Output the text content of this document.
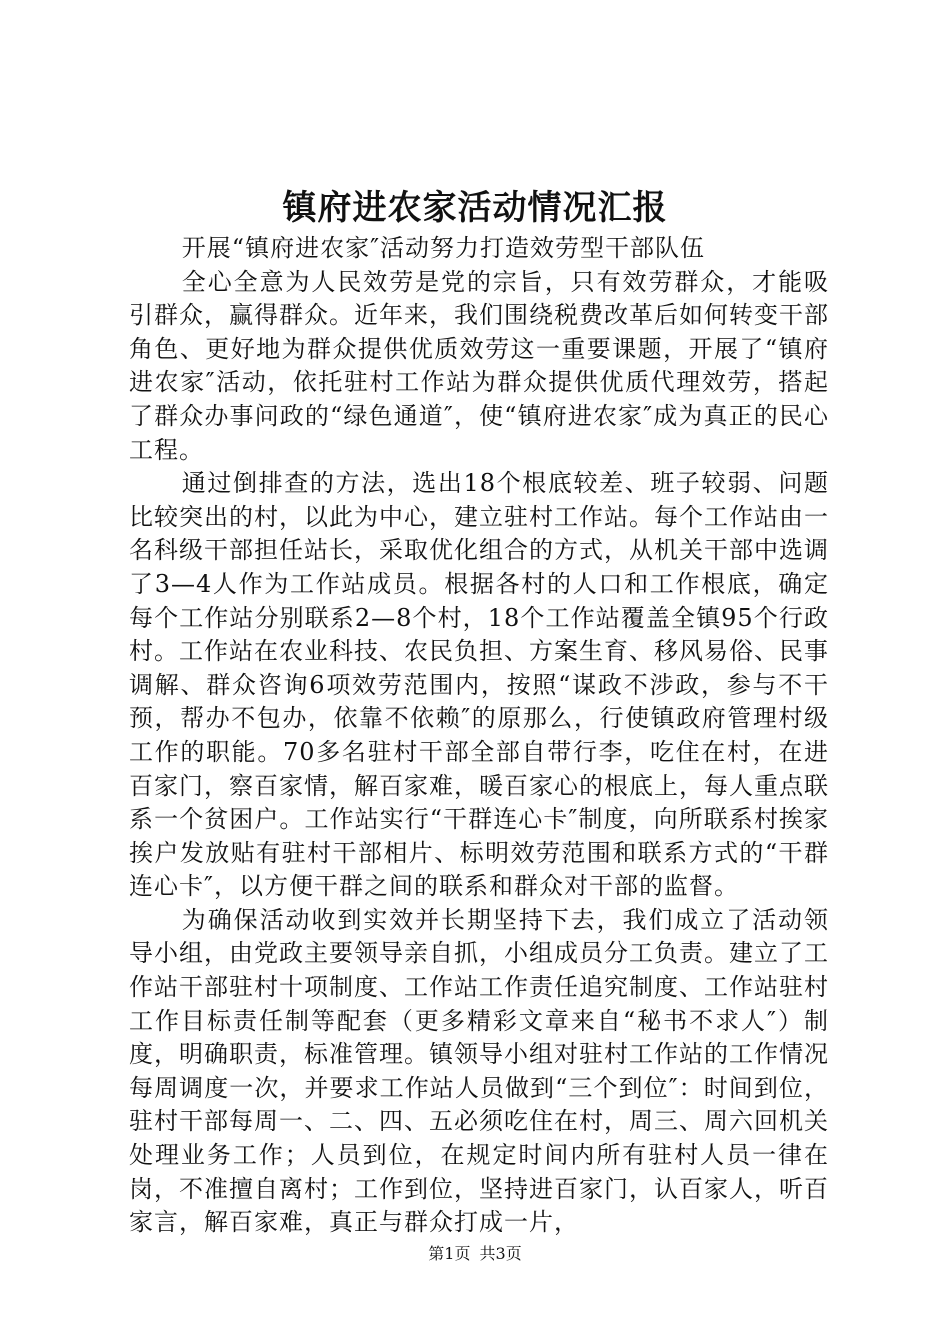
镇府进农家活动情况汇报

开展“镇府进农家″活动努力打造效劳型干部队伍

全心全意为人民效劳是党的宗旨，只有效劳群众，才能吸引群众，赢得群众。近年来，我们围绕税费改革后如何转变干部角色、更好地为群众提供优质效劳这一重要课题，开展了“镇府进农家″活动，依托驻村工作站为群众提供优质代理效劳，搭起了群众办事问政的“绿色通道″，使“镇府进农家″成为真正的民心工程。

通过倒排查的方法，选出18个根底较差、班子较弱、问题比较突出的村，以此为中心，建立驻村工作站。每个工作站由一名科级干部担任站长，采取优化组合的方式，从机关干部中选调了3—4人作为工作站成员。根据各村的人口和工作根底，确定每个工作站分别联系2—8个村，18个工作站覆盖全镇95个行政村。工作站在农业科技、农民负担、方案生育、移风易俗、民事调解、群众咨询6项效劳范围内，按照“谋政不涉政，参与不干预，帮办不包办，依靠不依赖″的原那么，行使镇政府管理村级工作的职能。70多名驻村干部全部自带行李，吃住在村，在进百家门，察百家情，解百家难，暖百家心的根底上，每人重点联系一个贫困户。工作站实行“干群连心卡″制度，向所联系村挨家挨户发放贴有驻村干部相片、标明效劳范围和联系方式的“干群连心卡″，以方便干群之间的联系和群众对干部的监督。

为确保活动收到实效并长期坚持下去，我们成立了活动领导小组，由党政主要领导亲自抓，小组成员分工负责。建立了工作站干部驻村十项制度、工作站工作责任追究制度、工作站驻村工作目标责任制等配套（更多精彩文章来自“秘书不求人″）制度，明确职责，标准管理。镇领导小组对驻村工作站的工作情况每周调度一次，并要求工作站人员做到“三个到位″：时间到位，驻村干部每周一、二、四、五必须吃住在村，周三、周六回机关处理业务工作；人员到位，在规定时间内所有驻村人员一律在岗，不准擅自离村；工作到位，坚持进百家门，认百家人，听百家言，解百家难，真正与群众打成一片，

第1页 共3页
